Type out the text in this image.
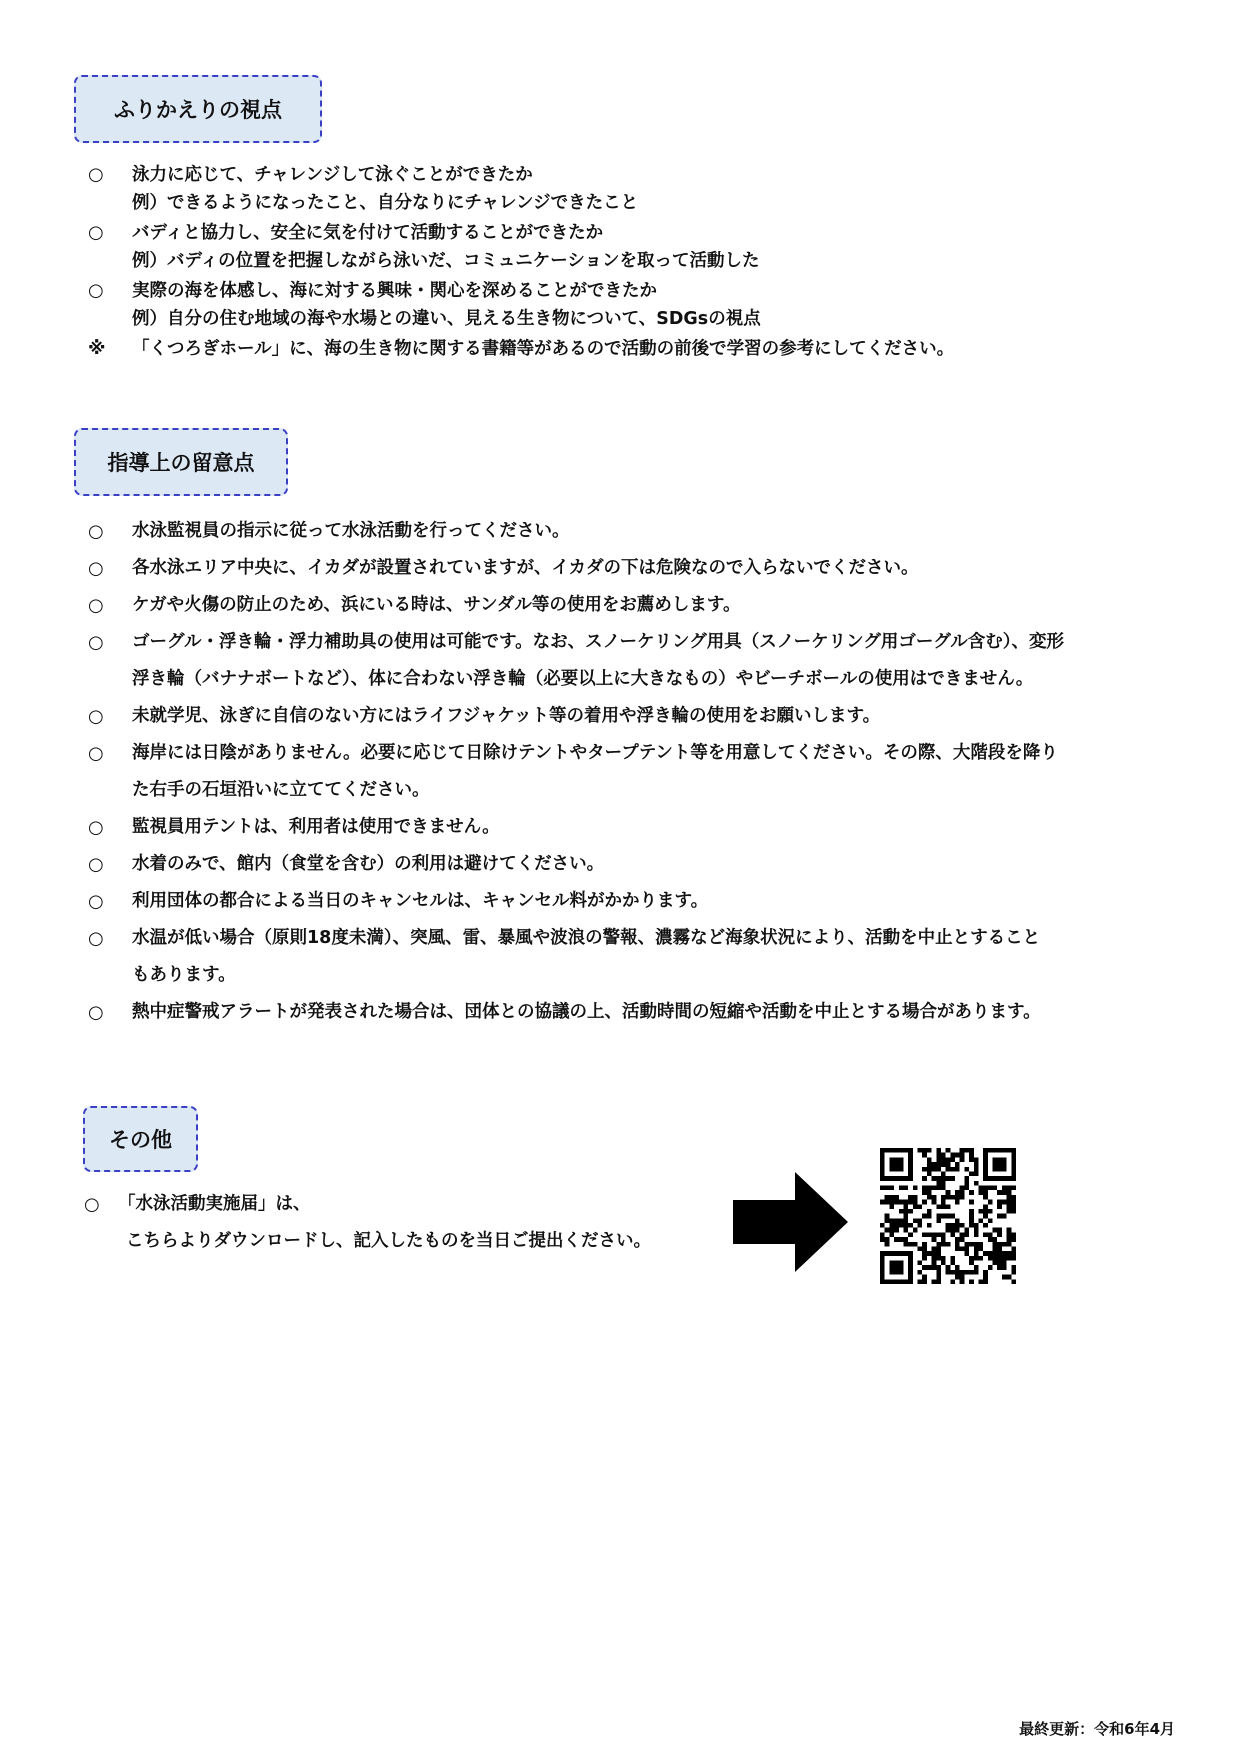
ふりかえりの視点
○	泳力に応じて、チャレンジして泳ぐことができたか
例）できるようになったこと、自分なりにチャレンジできたこと
○	バディと協力し、安全に気を付けて活動することができたか
例）バディの位置を把握しながら泳いだ、コミュニケーションを取って活動した
○	実際の海を体感し、海に対する興味・関心を深めることができたか
例）自分の住む地域の海や水場との違い、見える生き物について、SDGsの視点
※	「くつろぎホール」に、海の生き物に関する書籍等があるので活動の前後で学習の参考にしてください。
指導上の留意点
○	水泳監視員の指示に従って水泳活動を行ってください。
○	各水泳エリア中央に、イカダが設置されていますが、イカダの下は危険なので入らないでください。
○	ケガや火傷の防止のため、浜にいる時は、サンダル等の使用をお薦めします。
○	ゴーグル・浮き輪・浮力補助具の使用は可能です。なお、スノーケリング用具（スノーケリング用ゴーグル含む）、変形
浮き輪（バナナボートなど）、体に合わない浮き輪（必要以上に大きなもの）やビーチボールの使用はできません。
○	未就学児、泳ぎに自信のない方にはライフジャケット等の着用や浮き輪の使用をお願いします。
○	海岸には日陰がありません。必要に応じて日除けテントやタープテント等を用意してください。その際、大階段を降り
た右手の石垣沿いに立ててください。
○	監視員用テントは、利用者は使用できません。
○	水着のみで、館内（食堂を含む）の利用は避けてください。
○	利用団体の都合による当日のキャンセルは、キャンセル料がかかります。
○	水温が低い場合（原則18度未満）、突風、雷、暴風や波浪の警報、濃霧など海象状況により、活動を中止とすること
もあります。
○	熱中症警戒アラートが発表された場合は、団体との協議の上、活動時間の短縮や活動を中止とする場合があります。
その他
○	「水泳活動実施届」は、
こちらよりダウンロードし、記入したものを当日ご提出ください。
最終更新：令和6年4月
